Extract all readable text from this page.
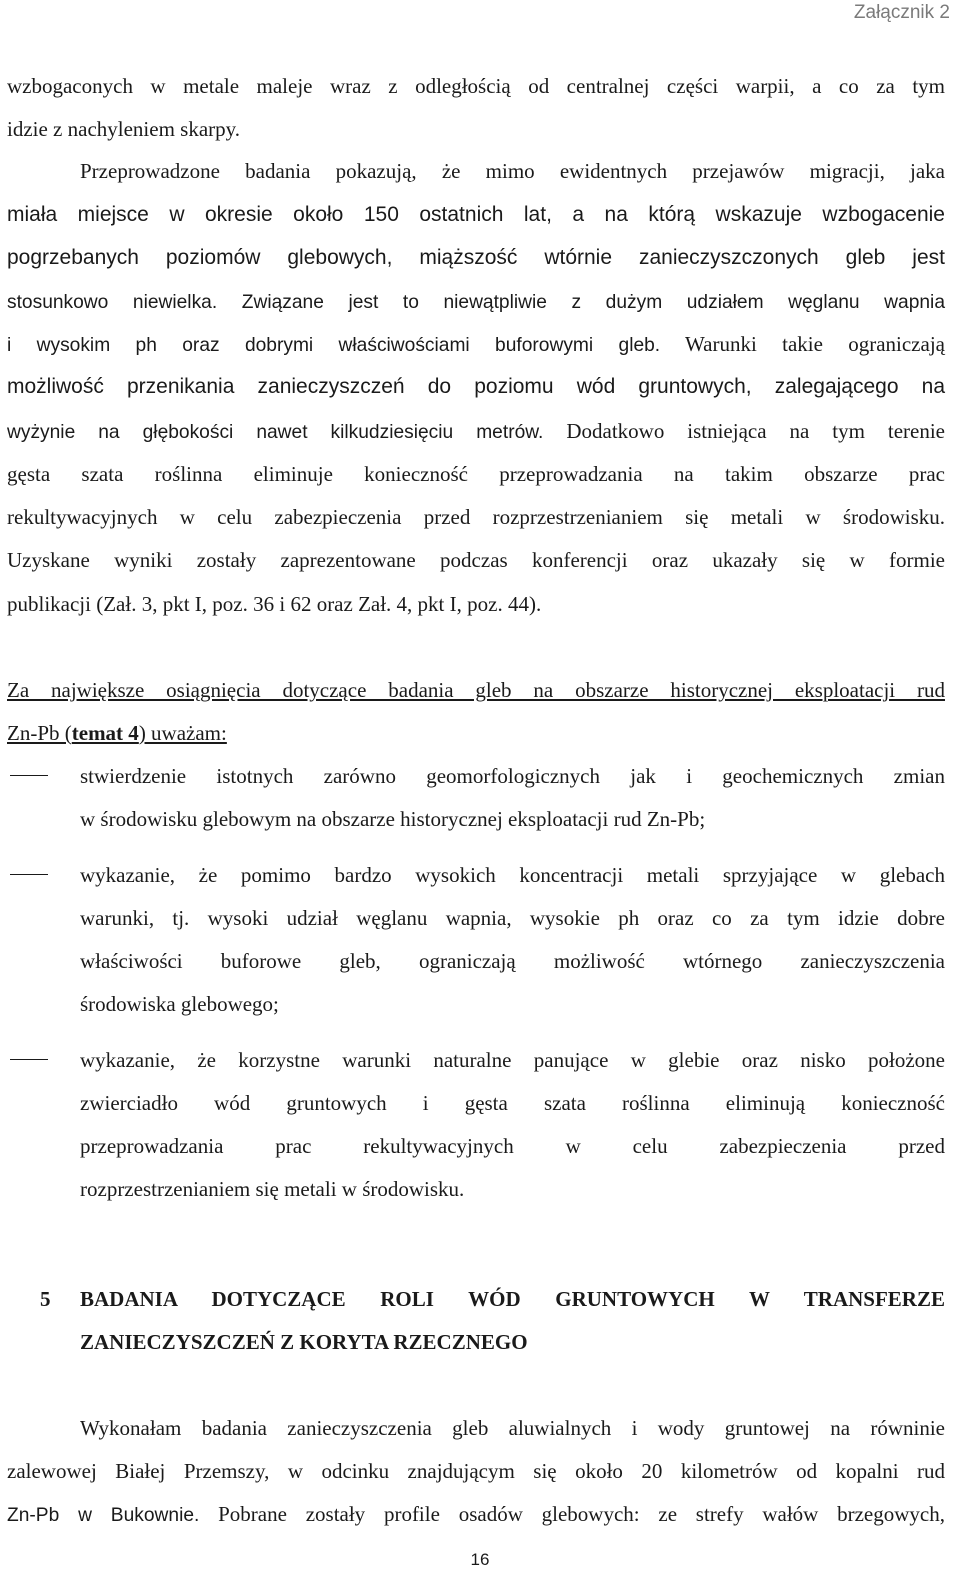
Załącznik 2
wzbogaconych w metale maleje wraz z odległością od centralnej części warpii, a co za tym
idzie z nachyleniem skarpy.
Przeprowadzone badania pokazują, że mimo ewidentnych przejawów migracji, jaka
miała miejsce w okresie około 150 ostatnich lat, a na którą wskazuje wzbogacenie
pogrzebanych poziomów glebowych, miąższość wtórnie zanieczyszczonych gleb jest
stosunkowo niewielka. Związane jest to niewątpliwie z dużym udziałem węglanu wapnia
i wysokim ph oraz dobrymi właściwościami buforowymi gleb. Warunki takie ograniczają
możliwość przenikania zanieczyszczeń do poziomu wód gruntowych, zalegającego na
wyżynie na głębokości nawet kilkudziesięciu metrów. Dodatkowo istniejąca na tym terenie
gęsta szata roślinna eliminuje konieczność przeprowadzania na takim obszarze prac
rekultywacyjnych w celu zabezpieczenia przed rozprzestrzenianiem się metali w środowisku.
Uzyskane wyniki zostały zaprezentowane podczas konferencji oraz ukazały się w formie
publikacji (Zał. 3, pkt I, poz. 36 i 62 oraz Zał. 4, pkt I, poz. 44).
Za największe osiągnięcia dotyczące badania gleb na obszarze historycznej eksploatacji rud
Zn-Pb (temat 4) uważam:
stwierdzenie istotnych zarówno geomorfologicznych jak i geochemicznych zmian
w środowisku glebowym na obszarze historycznej eksploatacji rud Zn-Pb;
wykazanie, że pomimo bardzo wysokich koncentracji metali sprzyjające w glebach
warunki, tj. wysoki udział węglanu wapnia, wysokie ph oraz co za tym idzie dobre
właściwości buforowe gleb, ograniczają możliwość wtórnego zanieczyszczenia
środowiska glebowego;
wykazanie, że korzystne warunki naturalne panujące w glebie oraz nisko położone
zwierciadło wód gruntowych i gęsta szata roślinna eliminują konieczność
przeprowadzania prac rekultywacyjnych w celu zabezpieczenia przed
rozprzestrzenianiem się metali w środowisku.
5 BADANIA DOTYCZĄCE ROLI WÓD GRUNTOWYCH W TRANSFERZE
ZANIECZYSZCZEŃ Z KORYTA RZECZNEGO
Wykonałam badania zanieczyszczenia gleb aluwialnych i wody gruntowej na równinie
zalewowej Białej Przemszy, w odcinku znajdującym się około 20 kilometrów od kopalni rud
Zn-Pb w Bukownie. Pobrane zostały profile osadów glebowych: ze strefy wałów brzegowych,
16
